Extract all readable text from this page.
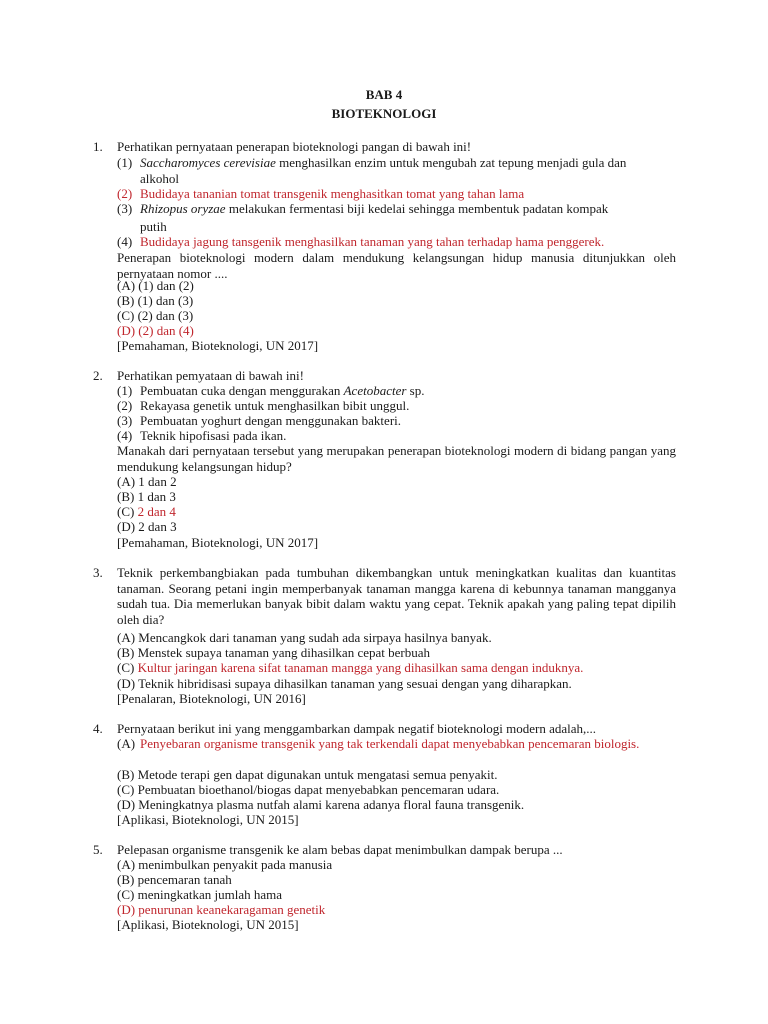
BAB 4
BIOTEKNOLOGI
1. Perhatikan pernyataan penerapan bioteknologi pangan di bawah ini!
(1) Saccharomyces cerevisiae menghasilkan enzim untuk mengubah zat tepung menjadi gula dan
alkohol
(2) Budidaya tananian tomat transgenik menghasitkan tomat yang tahan lama
(3) Rhizopus oryzae melakukan fermentasi biji kedelai sehingga membentuk padatan kompak
putih
(4) Budidaya jagung tansgenik menghasilkan tanaman yang tahan terhadap hama penggerek.
Penerapan bioteknologi modern dalam mendukung kelangsungan hidup manusia ditunjukkan oleh pernyataan nomor ....
(A) (1) dan (2)
(B) (1) dan (3)
(C) (2) dan (3)
(D) (2) dan (4)
[Pemahaman, Bioteknologi, UN 2017]
2. Perhatikan pemyataan di bawah ini!
(1) Pembuatan cuka dengan menggurakan Acetobacter sp.
(2) Rekayasa genetik untuk menghasilkan bibit unggul.
(3) Pembuatan yoghurt dengan menggunakan bakteri.
(4) Teknik hipofisasi pada ikan.
Manakah dari pernyataan tersebut yang merupakan penerapan bioteknologi modern di bidang pangan yang mendukung kelangsungan hidup?
(A) 1 dan 2
(B) 1 dan 3
(C) 2 dan 4
(D) 2 dan 3
[Pemahaman, Bioteknologi, UN 2017]
3. Teknik perkembangbiakan pada tumbuhan dikembangkan untuk meningkatkan kualitas dan kuantitas tanaman. Seorang petani ingin memperbanyak tanaman mangga karena di kebunnya tanaman mangganya sudah tua. Dia memerlukan banyak bibit dalam waktu yang cepat. Teknik apakah yang paling tepat dipilih oleh dia?
(A) Mencangkok dari tanaman yang sudah ada sirpaya hasilnya banyak.
(B) Menstek supaya tanaman yang dihasilkan cepat berbuah
(C) Kultur jaringan karena sifat tanaman mangga yang dihasilkan sama dengan induknya.
(D) Teknik hibridisasi supaya dihasilkan tanaman yang sesuai dengan yang diharapkan.
[Penalaran, Bioteknologi, UN 2016]
4. Pernyataan berikut ini yang menggambarkan dampak negatif bioteknologi modern adalah,...
(A) Penyebaran organisme transgenik yang tak terkendali dapat menyebabkan pencemaran biologis.
(B) Metode terapi gen dapat digunakan untuk mengatasi semua penyakit.
(C) Pembuatan bioethanol/biogas dapat menyebabkan pencemaran udara.
(D) Meningkatnya plasma nutfah alami karena adanya floral fauna transgenik.
[Aplikasi, Bioteknologi, UN 2015]
5. Pelepasan organisme transgenik ke alam bebas dapat menimbulkan dampak berupa ...
(A) menimbulkan penyakit pada manusia
(B) pencemaran tanah
(C) meningkatkan jumlah hama
(D) penurunan keanekaragaman genetik
[Aplikasi, Bioteknologi, UN 2015]
